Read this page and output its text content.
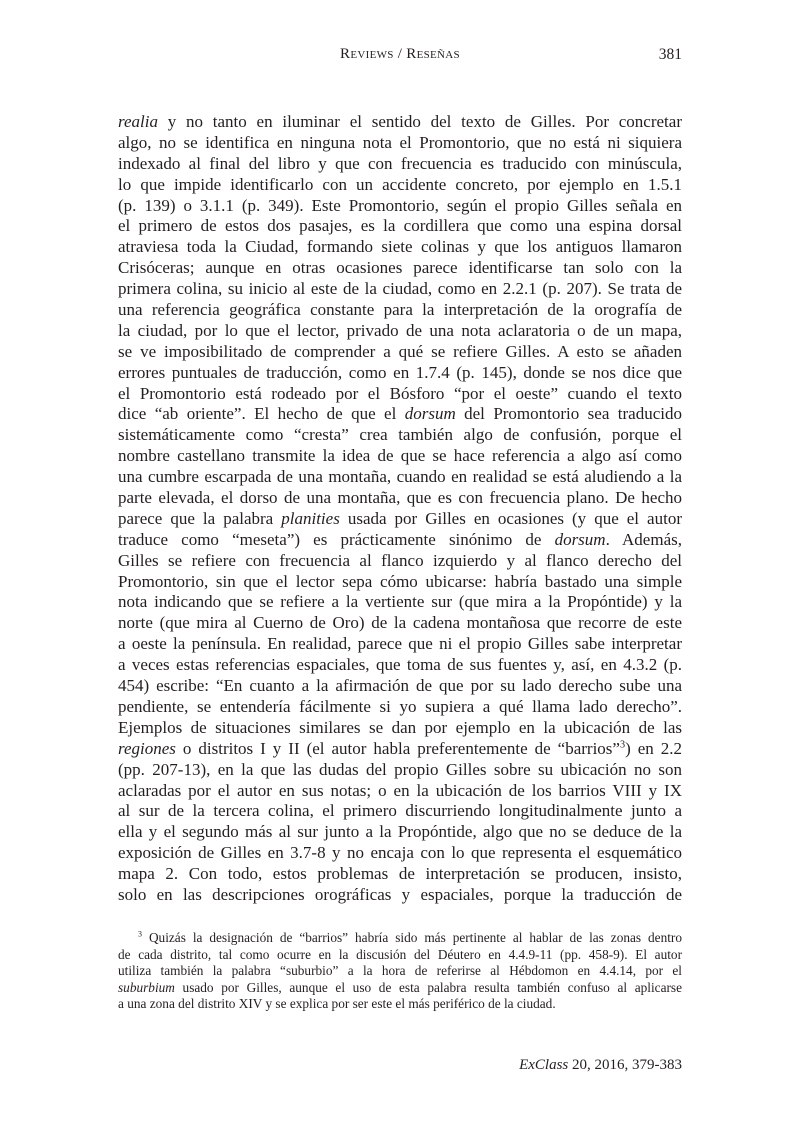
Reviews / Reseñas	381
realia y no tanto en iluminar el sentido del texto de Gilles. Por concretar
algo, no se identifica en ninguna nota el Promontorio, que no está ni siquiera
indexado al final del libro y que con frecuencia es traducido con minúscula,
lo que impide identificarlo con un accidente concreto, por ejemplo en 1.5.1
(p. 139) o 3.1.1 (p. 349). Este Promontorio, según el propio Gilles señala en
el primero de estos dos pasajes, es la cordillera que como una espina dorsal
atraviesa toda la Ciudad, formando siete colinas y que los antiguos llamaron
Crisóceras; aunque en otras ocasiones parece identificarse tan solo con la
primera colina, su inicio al este de la ciudad, como en 2.2.1 (p. 207). Se trata de
una referencia geográfica constante para la interpretación de la orografía de
la ciudad, por lo que el lector, privado de una nota aclaratoria o de un mapa,
se ve imposibilitado de comprender a qué se refiere Gilles. A esto se añaden
errores puntuales de traducción, como en 1.7.4 (p. 145), donde se nos dice que
el Promontorio está rodeado por el Bósforo “por el oeste” cuando el texto
dice “ab oriente”. El hecho de que el dorsum del Promontorio sea traducido
sistemáticamente como “cresta” crea también algo de confusión, porque el
nombre castellano transmite la idea de que se hace referencia a algo así como
una cumbre escarpada de una montaña, cuando en realidad se está aludiendo a la
parte elevada, el dorso de una montaña, que es con frecuencia plano. De hecho
parece que la palabra planities usada por Gilles en ocasiones (y que el autor
traduce como “meseta”) es prácticamente sinónimo de dorsum. Además,
Gilles se refiere con frecuencia al flanco izquierdo y al flanco derecho del
Promontorio, sin que el lector sepa cómo ubicarse: habría bastado una simple
nota indicando que se refiere a la vertiente sur (que mira a la Propóntide) y la
norte (que mira al Cuerno de Oro) de la cadena montañosa que recorre de este
a oeste la península. En realidad, parece que ni el propio Gilles sabe interpretar
a veces estas referencias espaciales, que toma de sus fuentes y, así, en 4.3.2 (p.
454) escribe: “En cuanto a la afirmación de que por su lado derecho sube una
pendiente, se entendería fácilmente si yo supiera a qué llama lado derecho”.
Ejemplos de situaciones similares se dan por ejemplo en la ubicación de las
regiones o distritos I y II (el autor habla preferentemente de “barrios”$^3$) en 2.2
(pp. 207-13), en la que las dudas del propio Gilles sobre su ubicación no son
aclaradas por el autor en sus notas; o en la ubicación de los barrios VIII y IX
al sur de la tercera colina, el primero discurriendo longitudinalmente junto a
ella y el segundo más al sur junto a la Propóntide, algo que no se deduce de la
exposición de Gilles en 3.7-8 y no encaja con lo que representa el esquemático
mapa 2. Con todo, estos problemas de interpretación se producen, insisto,
solo en las descripciones orográficas y espaciales, porque la traducción de
$^3$ Quizás la designación de “barrios” habría sido más pertinente al hablar de las zonas dentro
de cada distrito, tal como ocurre en la discusión del Déutero en 4.4.9-11 (pp. 458-9). El autor
utiliza también la palabra “suburbio” a la hora de referirse al Hébdomon en 4.4.14, por el
suburbium usado por Gilles, aunque el uso de esta palabra resulta también confuso al aplicarse
a una zona del distrito XIV y se explica por ser este el más periférico de la ciudad.
ExClass 20, 2016, 379-383
